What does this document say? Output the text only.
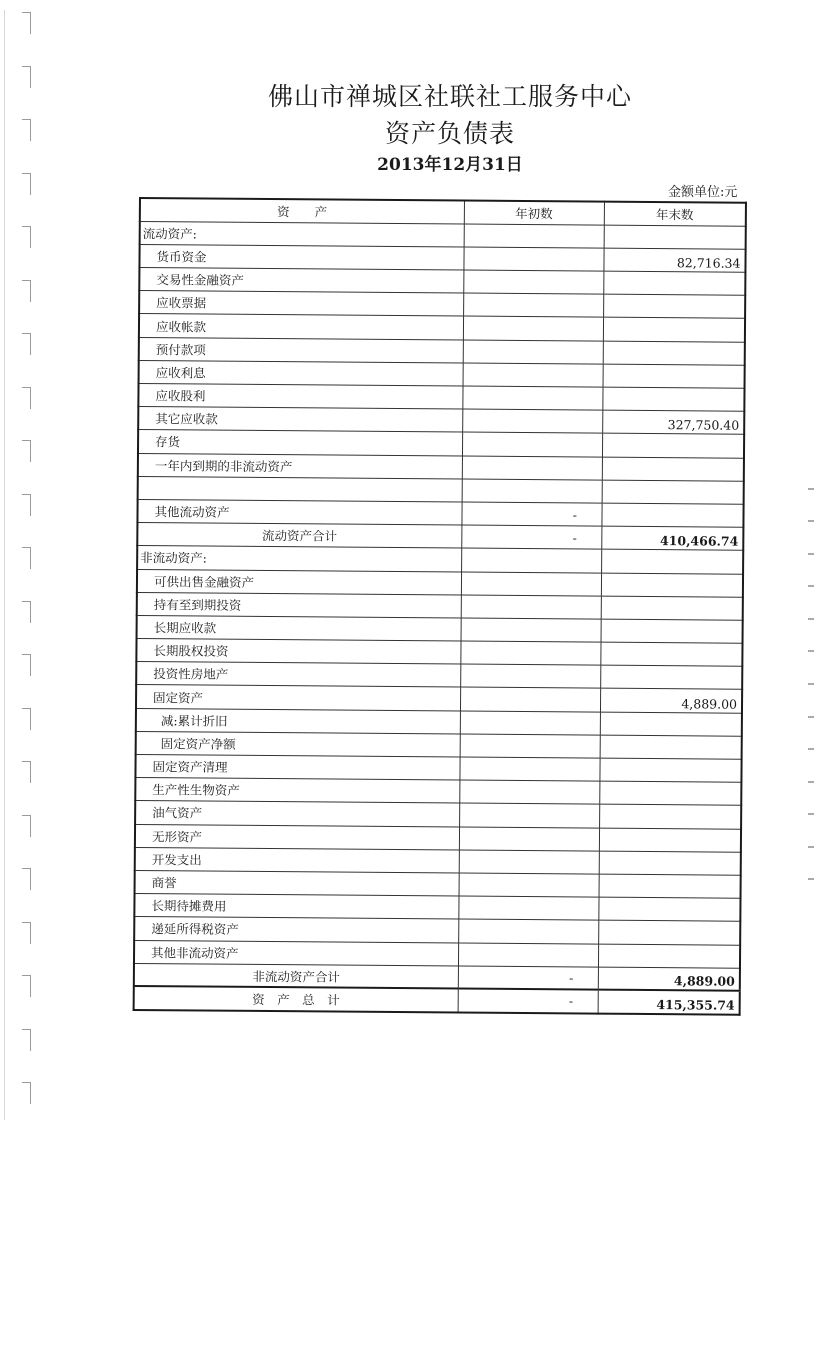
佛山市禅城区社联社工服务中心
资产负债表
2013年12月31日
金额单位:元
资　　产	年初数	年末数
流动资产:		
货币资金		82,716.34
交易性金融资产		
应收票据		
应收帐款		
预付款项		
应收利息		
应收股利		
其它应收款		327,750.40
存货		
一年内到期的非流动资产		

其他流动资产	-	
流动资产合计	-	410,466.74
非流动资产:		
可供出售金融资产		
持有至到期投资		
长期应收款		
长期股权投资		
投资性房地产		
固定资产		4,889.00
减:累计折旧		
固定资产净额		
固定资产清理		
生产性生物资产		
油气资产		
无形资产		
开发支出		
商誉		
长期待摊费用		
递延所得税资产		
其他非流动资产		
非流动资产合计	-	4,889.00
资　产　总　计	-	415,355.74
